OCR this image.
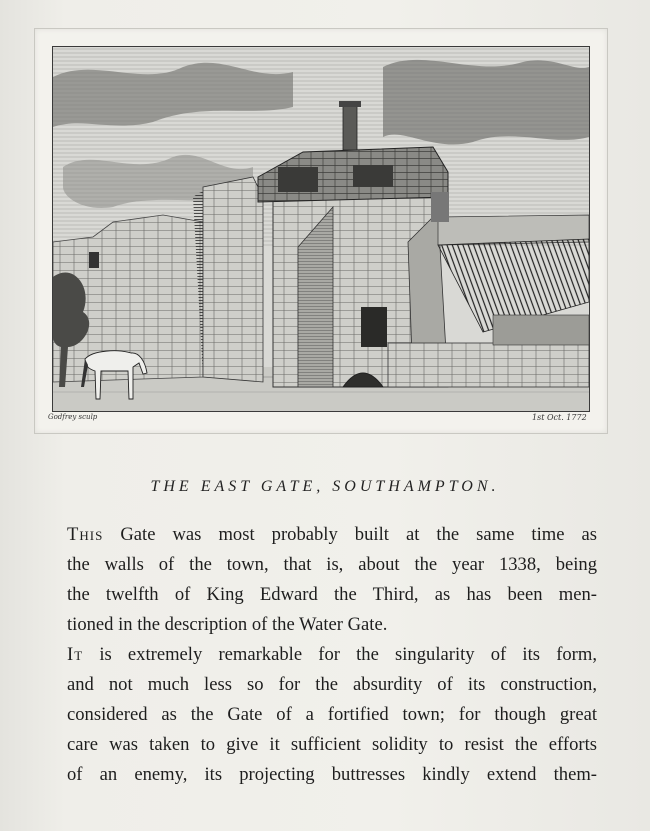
Godfrey sculp	1st Oct. 1772
THE EAST GATE, SOUTHAMPTON.
This Gate was most probably built at the same time as
the walls of the town, that is, about the year 1338, being
the twelfth of King Edward the Third, as has been men-
tioned in the description of the Water Gate.
It is extremely remarkable for the singularity of its form,
and not much less so for the absurdity of its construction,
considered as the Gate of a fortified town; for though great
care was taken to give it sufficient solidity to resist the efforts
of an enemy, its projecting buttresses kindly extend them-
